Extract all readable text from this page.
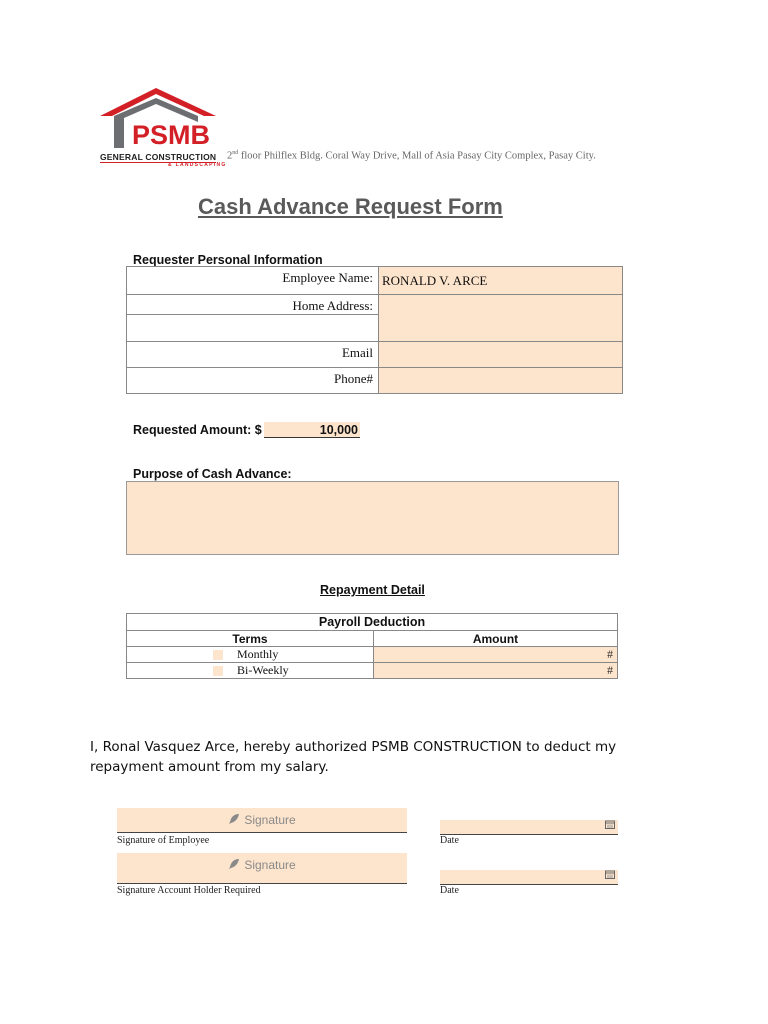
PSMB
GENERAL CONSTRUCTION
& LANDSCAPING
2nd floor Philflex Bldg. Coral Way Drive, Mall of Asia Pasay City Complex, Pasay City.
Cash Advance Request Form
Requester Personal Information
Employee Name:	RONALD V. ARCE
Home Address:	

Email	
Phone#	
Requested Amount: $	10,000
Purpose of Cash Advance:
Repayment Detail
Payroll Deduction	
Terms	Amount
Monthly	#
Bi-Weekly	#
I, Ronal Vasquez Arce, hereby authorized PSMB CONSTRUCTION to deduct my repayment amount from my salary.
Signature
Signature of Employee	Date
Signature
Signature Account Holder Required	Date
